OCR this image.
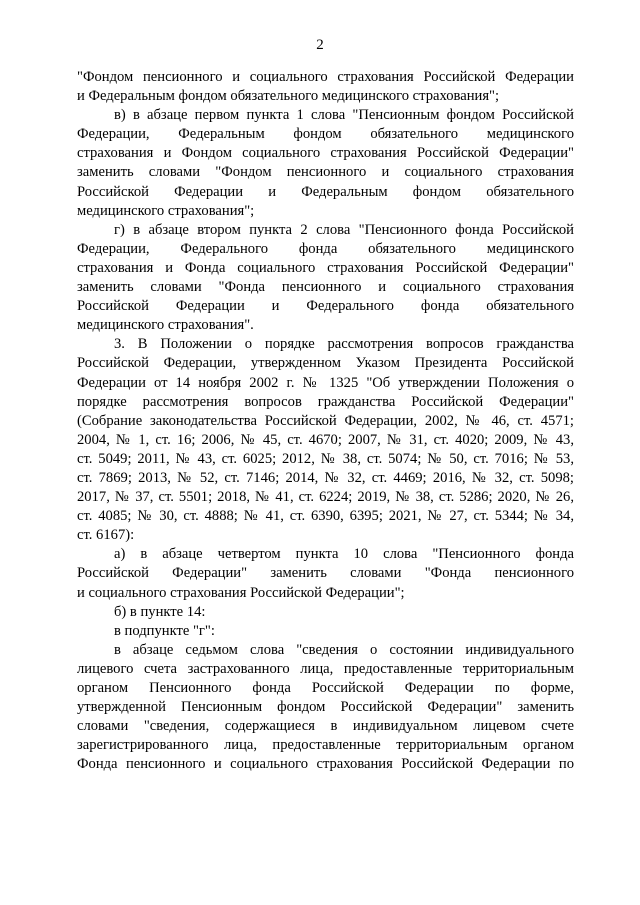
2
"Фондом пенсионного и социального страхования Российской Федерации
и Федеральным фондом обязательного медицинского страхования";
в) в абзаце первом пункта 1 слова "Пенсионным фондом Российской
Федерации, Федеральным фондом обязательного медицинского
страхования и Фондом социального страхования Российской Федерации"
заменить словами "Фондом пенсионного и социального страхования
Российской Федерации и Федеральным фондом обязательного
медицинского страхования";
г) в абзаце втором пункта 2 слова "Пенсионного фонда Российской
Федерации, Федерального фонда обязательного медицинского
страхования и Фонда социального страхования Российской Федерации"
заменить словами "Фонда пенсионного и социального страхования
Российской Федерации и Федерального фонда обязательного
медицинского страхования".
3. В Положении о порядке рассмотрения вопросов гражданства
Российской Федерации, утвержденном Указом Президента Российской
Федерации от 14 ноября 2002 г. № 1325 "Об утверждении Положения о
порядке рассмотрения вопросов гражданства Российской Федерации"
(Собрание законодательства Российской Федерации, 2002, № 46, ст. 4571;
2004, № 1, ст. 16; 2006, № 45, ст. 4670; 2007, № 31, ст. 4020; 2009, № 43,
ст. 5049; 2011, № 43, ст. 6025; 2012, № 38, ст. 5074; № 50, ст. 7016; № 53,
ст. 7869; 2013, № 52, ст. 7146; 2014, № 32, ст. 4469; 2016, № 32, ст. 5098;
2017, № 37, ст. 5501; 2018, № 41, ст. 6224; 2019, № 38, ст. 5286; 2020, № 26,
ст. 4085; № 30, ст. 4888; № 41, ст. 6390, 6395; 2021, № 27, ст. 5344; № 34,
ст. 6167):
а) в абзаце четвертом пункта 10 слова "Пенсионного фонда
Российской Федерации" заменить словами "Фонда пенсионного
и социального страхования Российской Федерации";
б) в пункте 14:
в подпункте "г":
в абзаце седьмом слова "сведения о состоянии индивидуального
лицевого счета застрахованного лица, предоставленные территориальным
органом Пенсионного фонда Российской Федерации по форме,
утвержденной Пенсионным фондом Российской Федерации" заменить
словами "сведения, содержащиеся в индивидуальном лицевом счете
зарегистрированного лица, предоставленные территориальным органом
Фонда пенсионного и социального страхования Российской Федерации по
